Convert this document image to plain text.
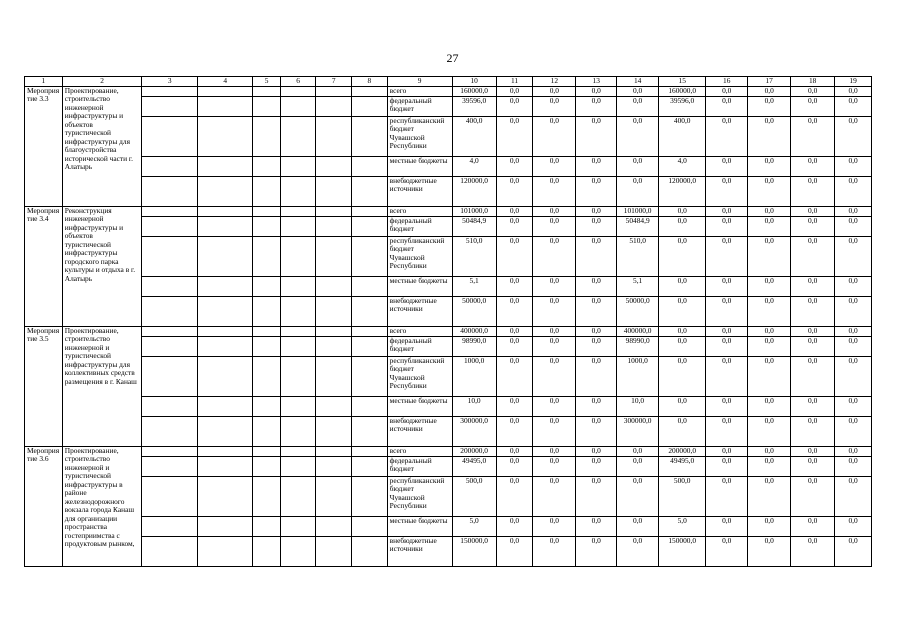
27
1	2	3	4	5	6	7	8	9	10	11	12	13	14	15	16	17	18	19
Мероприятие 3.3	Проектирование, строительство инженерной инфраструктуры и объектов туристической инфраструктуры для благоустройства исторической части г. Алатырь							всего	160000,0	0,0	0,0	0,0	0,0	160000,0	0,0	0,0	0,0	0,0
								федеральный бюджет	39596,0	0,0	0,0	0,0	0,0	39596,0	0,0	0,0	0,0	0,0
								республиканский бюджет Чувашской Республики	400,0	0,0	0,0	0,0	0,0	400,0	0,0	0,0	0,0	0,0
								местные бюджеты	4,0	0,0	0,0	0,0	0,0	4,0	0,0	0,0	0,0	0,0
								внебюджетные источники	120000,0	0,0	0,0	0,0	0,0	120000,0	0,0	0,0	0,0	0,0
Мероприятие 3.4	Реконструкция инженерной инфраструктуры и объектов туристической инфраструктуры городского парка культуры и отдыха в г. Алатырь							всего	101000,0	0,0	0,0	0,0	101000,0	0,0	0,0	0,0	0,0	0,0
								федеральный бюджет	50484,9	0,0	0,0	0,0	50484,9	0,0	0,0	0,0	0,0	0,0
								республиканский бюджет Чувашской Республики	510,0	0,0	0,0	0,0	510,0	0,0	0,0	0,0	0,0	0,0
								местные бюджеты	5,1	0,0	0,0	0,0	5,1	0,0	0,0	0,0	0,0	0,0
								внебюджетные источники	50000,0	0,0	0,0	0,0	50000,0	0,0	0,0	0,0	0,0	0,0
Мероприятие 3.5	Проектирование, строительство инженерной и туристической инфраструктуры для коллективных средств размещения в г. Канаш							всего	400000,0	0,0	0,0	0,0	400000,0	0,0	0,0	0,0	0,0	0,0
								федеральный бюджет	98990,0	0,0	0,0	0,0	98990,0	0,0	0,0	0,0	0,0	0,0
								республиканский бюджет Чувашской Республики	1000,0	0,0	0,0	0,0	1000,0	0,0	0,0	0,0	0,0	0,0
								местные бюджеты	10,0	0,0	0,0	0,0	10,0	0,0	0,0	0,0	0,0	0,0
								внебюджетные источники	300000,0	0,0	0,0	0,0	300000,0	0,0	0,0	0,0	0,0	0,0
Мероприятие 3.6	Проектирование, строительство инженерной и туристической инфраструктуры в районе железнодорожного вокзала города Канаш для организации пространства гостеприимства с продуктовым рынком,							всего	200000,0	0,0	0,0	0,0	0,0	200000,0	0,0	0,0	0,0	0,0
								федеральный бюджет	49495,0	0,0	0,0	0,0	0,0	49495,0	0,0	0,0	0,0	0,0
								республиканский бюджет Чувашской Республики	500,0	0,0	0,0	0,0	0,0	500,0	0,0	0,0	0,0	0,0
								местные бюджеты	5,0	0,0	0,0	0,0	0,0	5,0	0,0	0,0	0,0	0,0
								внебюджетные источники	150000,0	0,0	0,0	0,0	0,0	150000,0	0,0	0,0	0,0	0,0
